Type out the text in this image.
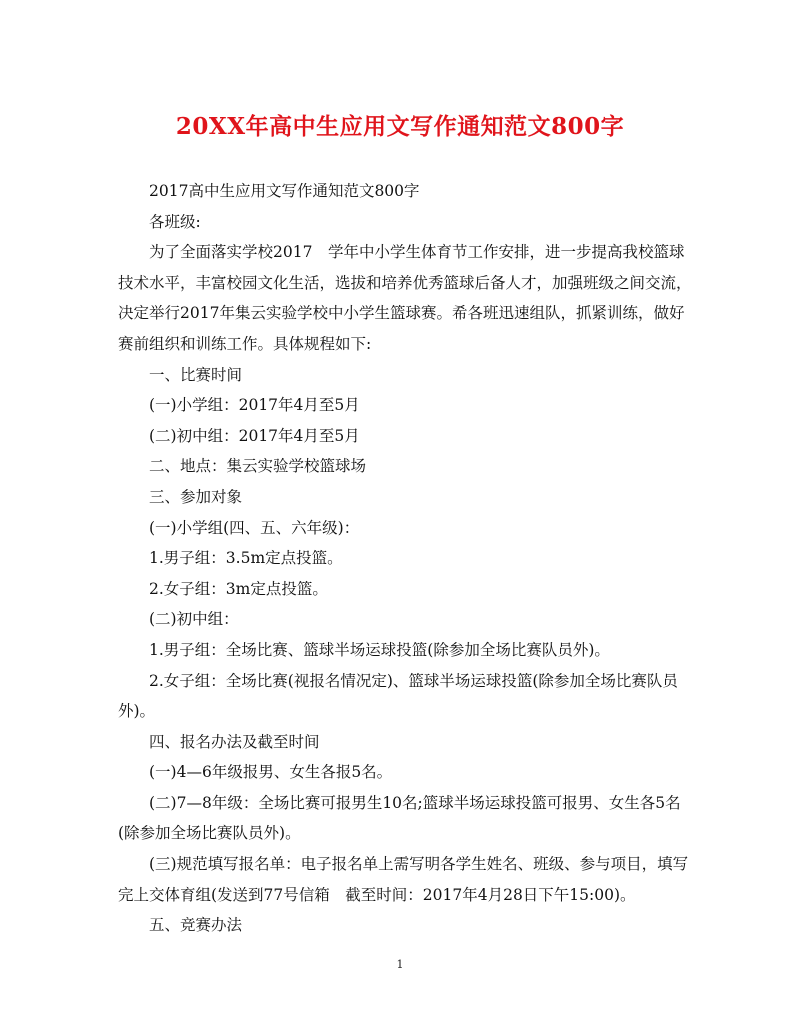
20XX年高中生应用文写作通知范文800字

2017高中生应用文写作通知范文800字

各班级:

为了全面落实学校2017　学年中小学生体育节工作安排，进一步提高我校篮球技术水平，丰富校园文化生活，选拔和培养优秀篮球后备人才，加强班级之间交流，决定举行2017年集云实验学校中小学生篮球赛。希各班迅速组队，抓紧训练，做好赛前组织和训练工作。具体规程如下:

一、比赛时间

(一)小学组：2017年4月至5月

(二)初中组：2017年4月至5月

二、地点：集云实验学校篮球场

三、参加对象

(一)小学组(四、五、六年级)：

1.男子组：3.5m定点投篮。

2.女子组：3m定点投篮。

(二)初中组：

1.男子组：全场比赛、篮球半场运球投篮(除参加全场比赛队员外)。

2.女子组：全场比赛(视报名情况定)、篮球半场运球投篮(除参加全场比赛队员外)。

四、报名办法及截至时间

(一)4—6年级报男、女生各报5名。

(二)7—8年级：全场比赛可报男生10名;篮球半场运球投篮可报男、女生各5名(除参加全场比赛队员外)。

(三)规范填写报名单：电子报名单上需写明各学生姓名、班级、参与项目，填写完上交体育组(发送到77号信箱　截至时间：2017年4月28日下午15:00)。

五、竞赛办法

1
